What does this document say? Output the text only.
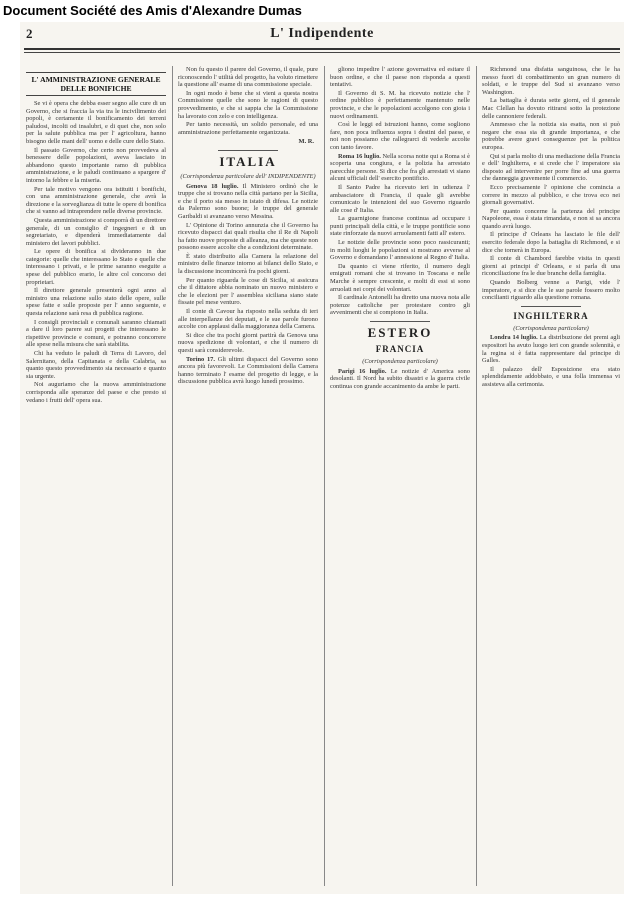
Document Société des Amis d'Alexandre Dumas
2	L' Indipendente
L' AMMINISTRAZIONE GENERALE
DELLE BONIFICHE

Se vi è opera che debba esser segno alle cure di un Governo, che si fraccia la via tra le incivilimento dei popoli, è certamente il bonificamento dei terreni paludosi, incolti od insalubri, e di quei che, non solo per la salute pubblica ma per l' agricoltura, hanno bisogno delle mani dell' uomo e delle cure dello Stato.

Il passato Governo, che certo non provvedeva al benessere delle popolazioni, aveva lasciato in abbandono questo importante ramo di pubblica amministrazione, e le paludi continuano a spargere d' intorno la febbre e la miseria.

Per tale motivo vengono ora istituiti i bonifichi, con una amministrazione generale, che avrà la direzione e la sorveglianza di tutte le opere di bonifica che si vanno ad intraprendere nelle diverse provincie.

Questa amministrazione si comporrà di un direttore generale, di un consiglio d' ingegneri e di un segretariato, e dipenderà immediatamente dal ministero dei lavori pubblici.

Le opere di bonifica si divideranno in due categorie: quelle che interessano lo Stato e quelle che interessano i privati, e le prime saranno eseguite a spese del pubblico erario, le altre col concorso dei proprietari.

Il direttore generale presenterà ogni anno al ministro una relazione sullo stato delle opere, sulle spese fatte e sulle proposte per l' anno seguente, e questa relazione sarà resa di pubblica ragione.

I consigli provinciali e comunali saranno chiamati a dare il loro parere sui progetti che interessano le rispettive provincie e comuni, e potranno concorrere alle spese nella misura che sarà stabilita.

Chi ha veduto le paludi di Terra di Lavoro, del Salernitano, della Capitanata e della Calabria, sa quanto questo provvedimento sia necessario e quanto sia urgente.

Noi auguriamo che la nuova amministrazione corrisponda alle speranze del paese e che presto si vedano i frutti dell' opera sua.

Non fu questo il parere del Governo, il quale, pure riconoscendo l' utilità del progetto, ha voluto rimettere la questione all' esame di una commissione speciale.

In ogni modo è bene che si vieni a questa nostra Commissione quelle che sono le ragioni di questo provvedimento, e che si sappia che la Commissione ha lavorato con zelo e con intelligenza.

Per tanto necessità, un solido personale, ed una amministrazione perfettamente organizzata.

M. R.
ITALIA
(Corrispondenza particolare dell' INDIPENDENTE)

Genova 18 luglio. Il Ministero ordinò che le truppe che si trovano nella città partano per la Sicilia, e che il porto sia messo in istato di difesa. Le notizie da Palermo sono buone; le truppe del generale Garibaldi si avanzano verso Messina.

L' Opinione di Torino annunzia che il Governo ha ricevuto dispacci dai quali risulta che il Re di Napoli ha fatto nuove proposte di alleanza, ma che queste non possono essere accolte che a condizioni determinate.

È stato distribuito alla Camera la relazione del ministro delle finanze intorno ai bilanci dello Stato, e la discussione incomincerà fra pochi giorni.

Per quanto riguarda le cose di Sicilia, si assicura che il dittatore abbia nominato un nuovo ministero e che le elezioni per l' assemblea siciliana siano state fissate pel mese venturo.

Il conte di Cavour ha risposto nella seduta di ieri alle interpellanze dei deputati, e le sue parole furono accolte con applausi dalla maggioranza della Camera.

Si dice che tra pochi giorni partirà da Genova una nuova spedizione di volontari, e che il numero di questi sarà considerevole.

Torino 17. Gli ultimi dispacci del Governo sono ancora più favorevoli. Le Commissioni della Camera hanno terminato l' esame del progetto di legge, e la discussione pubblica avrà luogo lunedì prossimo.

gliono impedire l' azione governativa ed esitare il buon ordine, e che il paese non risponda a questi tentativi.

Il Governo di S. M. ha ricevuto notizie che l' ordine pubblico è perfettamente mantenuto nelle provincie, e che le popolazioni accolgono con gioia i nuovi ordinamenti.

Così le leggi ed istruzioni hanno, come sogliono fare, non poca influenza sopra i destini del paese, e noi non possiamo che rallegrarci di vederle accolte con tanto favore.

Roma 16 luglio. Nella scorsa notte qui a Roma si è scoperta una congiura, e la polizia ha arrestato parecchie persone. Si dice che fra gli arrestati vi siano alcuni ufficiali dell' esercito pontificio.

Il Santo Padre ha ricevuto ieri in udienza l' ambasciatore di Francia, il quale gli avrebbe comunicato le intenzioni del suo Governo riguardo alle cose d' Italia.

La guarnigione francese continua ad occupare i punti principali della città, e le truppe pontificie sono state rinforzate da nuovi arruolamenti fatti all' estero.

Le notizie delle provincie sono poco rassicuranti; in molti luoghi le popolazioni si mostrano avverse al Governo e domandano l' annessione al Regno d' Italia.

Da quanto ci viene riferito, il numero degli emigrati romani che si trovano in Toscana e nelle Marche è sempre crescente, e molti di essi si sono arruolati nei corpi dei volontari.

Il cardinale Antonelli ha diretto una nuova nota alle potenze cattoliche per protestare contro gli avvenimenti che si compiono in Italia.

ESTERO
FRANCIA
(Corrispondenza particolare)

Parigi 16 luglio. Le notizie d' America sono desolanti. Il Nord ha subito disastri e la guerra civile continua con grande accanimento da ambe le parti.

Richmond una disfatta sanguinosa, che le ha messo fuori di combattimento un gran numero di soldati, e le truppe del Sud si avanzano verso Washington.

La battaglia è durata sette giorni, ed il generale Mac Clellan ha dovuto ritirarsi sotto la protezione delle cannoniere federali.

Ammesso che la notizia sia esatta, non si può negare che essa sia di grande importanza, e che potrebbe avere gravi conseguenze per la politica europea.

Qui si parla molto di una mediazione della Francia e dell' Inghilterra, e si crede che l' imperatore sia disposto ad intervenire per porre fine ad una guerra che danneggia gravemente il commercio.

Ecco precisamente l' opinione che comincia a correre in mezzo al pubblico, e che trova eco nei giornali governativi.

Per quanto concerne la partenza del principe Napoleone, essa è stata rimandata, e non si sa ancora quando avrà luogo.

Il principe d' Orleans ha lasciato le file dell' esercito federale dopo la battaglia di Richmond, e si dice che tornerà in Europa.

Il conte di Chambord farebbe visita in questi giorni ai principi d' Orleans, e si parla di una riconciliazione fra le due branche della famiglia.

Quando Bolberg venne a Parigi, vide l' imperatore, e si dice che le sue parole fossero molto concilianti riguardo alla questione romana.

INGHILTERRA
(Corrispondenza particolare)

Londra 14 luglio. La distribuzione dei premi agli espositori ha avuto luogo ieri con grande solennità, e la regina si è fatta rappresentare dal principe di Galles.

Il palazzo dell' Esposizione era stato splendidamente addobbato, e una folla immensa vi assisteva alla cerimonia.
